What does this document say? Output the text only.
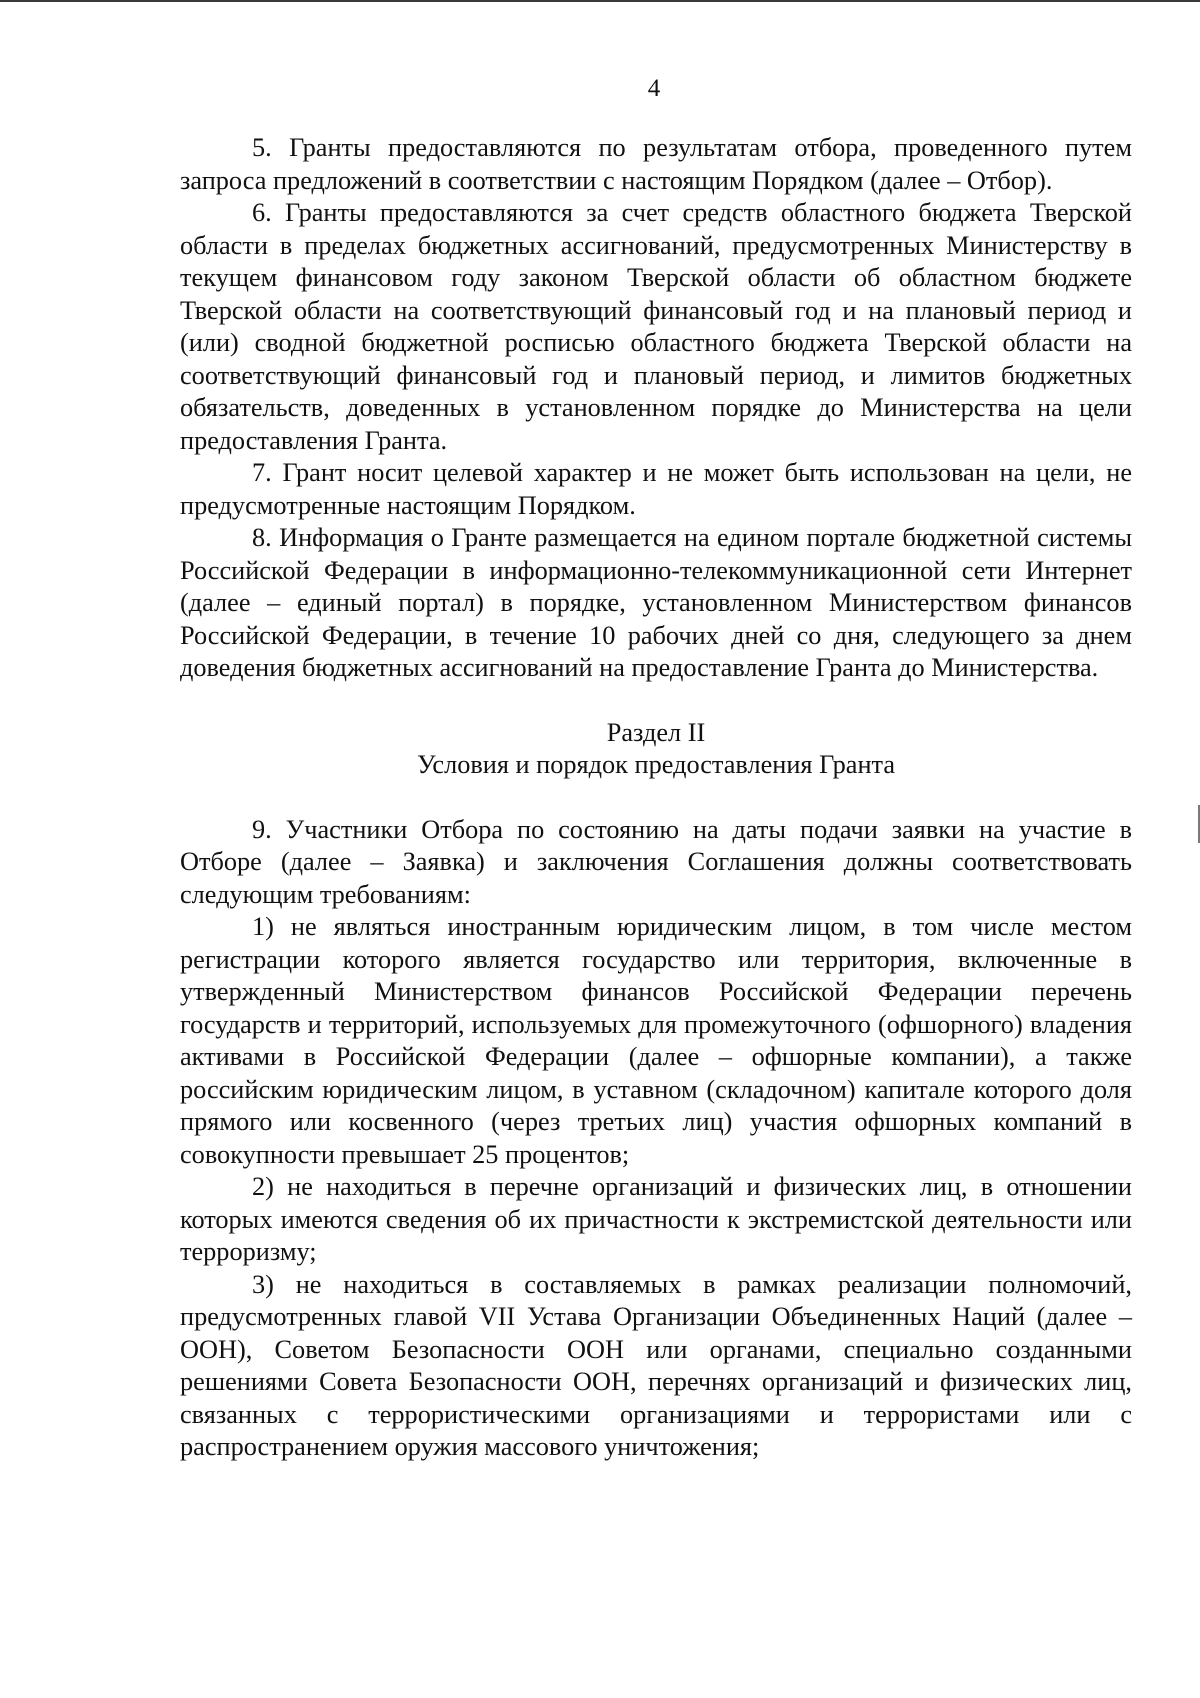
4

5. Гранты предоставляются по результатам отбора, проведенного путем запроса предложений в соответствии с настоящим Порядком (далее – Отбор).

6. Гранты предоставляются за счет средств областного бюджета Тверской области в пределах бюджетных ассигнований, предусмотренных Министерству в текущем финансовом году законом Тверской области об областном бюджете Тверской области на соответствующий финансовый год и на плановый период и (или) сводной бюджетной росписью областного бюджета Тверской области на соответствующий финансовый год и плановый период, и лимитов бюджетных обязательств, доведенных в установленном порядке до Министерства на цели предоставления Гранта.

7. Грант носит целевой характер и не может быть использован на цели, не предусмотренные настоящим Порядком.

8. Информация о Гранте размещается на едином портале бюджетной системы Российской Федерации в информационно-телекоммуникационной сети Интернет (далее – единый портал) в порядке, установленном Министерством финансов Российской Федерации, в течение 10 рабочих дней со дня, следующего за днем доведения бюджетных ассигнований на предоставление Гранта до Министерства.

Раздел II

Условия и порядок предоставления Гранта

9. Участники Отбора по состоянию на даты подачи заявки на участие в Отборе (далее – Заявка) и заключения Соглашения должны соответствовать следующим требованиям:

1) не являться иностранным юридическим лицом, в том числе местом регистрации которого является государство или территория, включенные в утвержденный Министерством финансов Российской Федерации перечень государств и территорий, используемых для промежуточного (офшорного) владения активами в Российской Федерации (далее – офшорные компании), а также российским юридическим лицом, в уставном (складочном) капитале которого доля прямого или косвенного (через третьих лиц) участия офшорных компаний в совокупности превышает 25 процентов;

2) не находиться в перечне организаций и физических лиц, в отношении которых имеются сведения об их причастности к экстремистской деятельности или терроризму;

3) не находиться в составляемых в рамках реализации полномочий, предусмотренных главой VII Устава Организации Объединенных Наций (далее – ООН), Советом Безопасности ООН или органами, специально созданными решениями Совета Безопасности ООН, перечнях организаций и физических лиц, связанных с террористическими организациями и террористами или с распространением оружия массового уничтожения;
